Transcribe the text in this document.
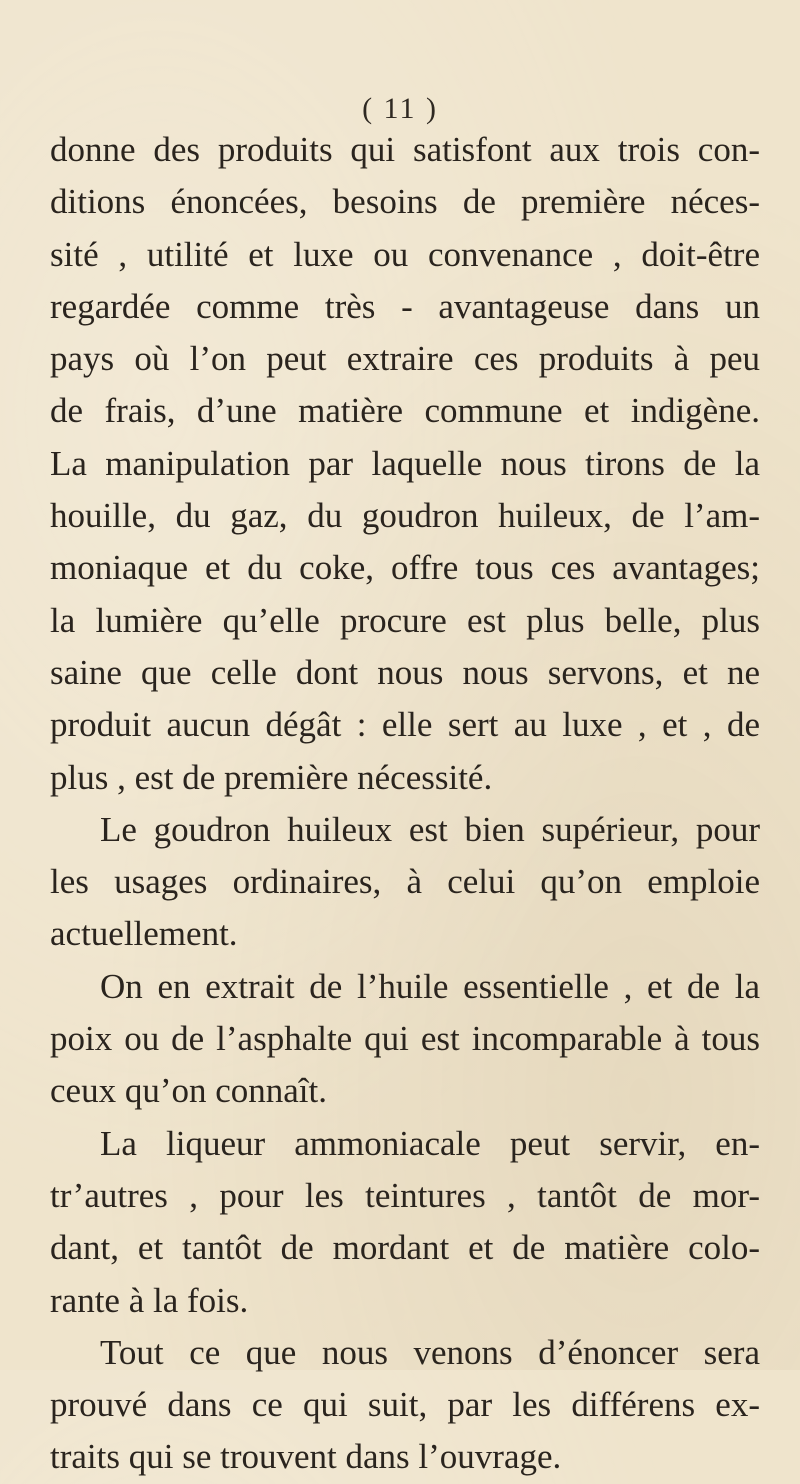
( 11 )
donne des produits qui satisfont aux trois con-
ditions énoncées, besoins de première néces-
sité , utilité et luxe ou convenance , doit-être
regardée comme très - avantageuse dans un
pays où l’on peut extraire ces produits à peu
de frais, d’une matière commune et indigène.
La manipulation par laquelle nous tirons de la
houille, du gaz, du goudron huileux, de l’am-
moniaque et du coke, offre tous ces avantages;
la lumière qu’elle procure est plus belle, plus
saine que celle dont nous nous servons, et ne
produit aucun dégât : elle sert au luxe , et , de
plus , est de première nécessité.
Le goudron huileux est bien supérieur, pour
les usages ordinaires, à celui qu’on emploie
actuellement.
On en extrait de l’huile essentielle , et de la
poix ou de l’asphalte qui est incomparable à tous
ceux qu’on connaît.
La liqueur ammoniacale peut servir, en-
tr’autres , pour les teintures , tantôt de mor-
dant, et tantôt de mordant et de matière colo-
rante à la fois.
Tout ce que nous venons d’énoncer sera
prouvé dans ce qui suit, par les différens ex-
traits qui se trouvent dans l’ouvrage.
